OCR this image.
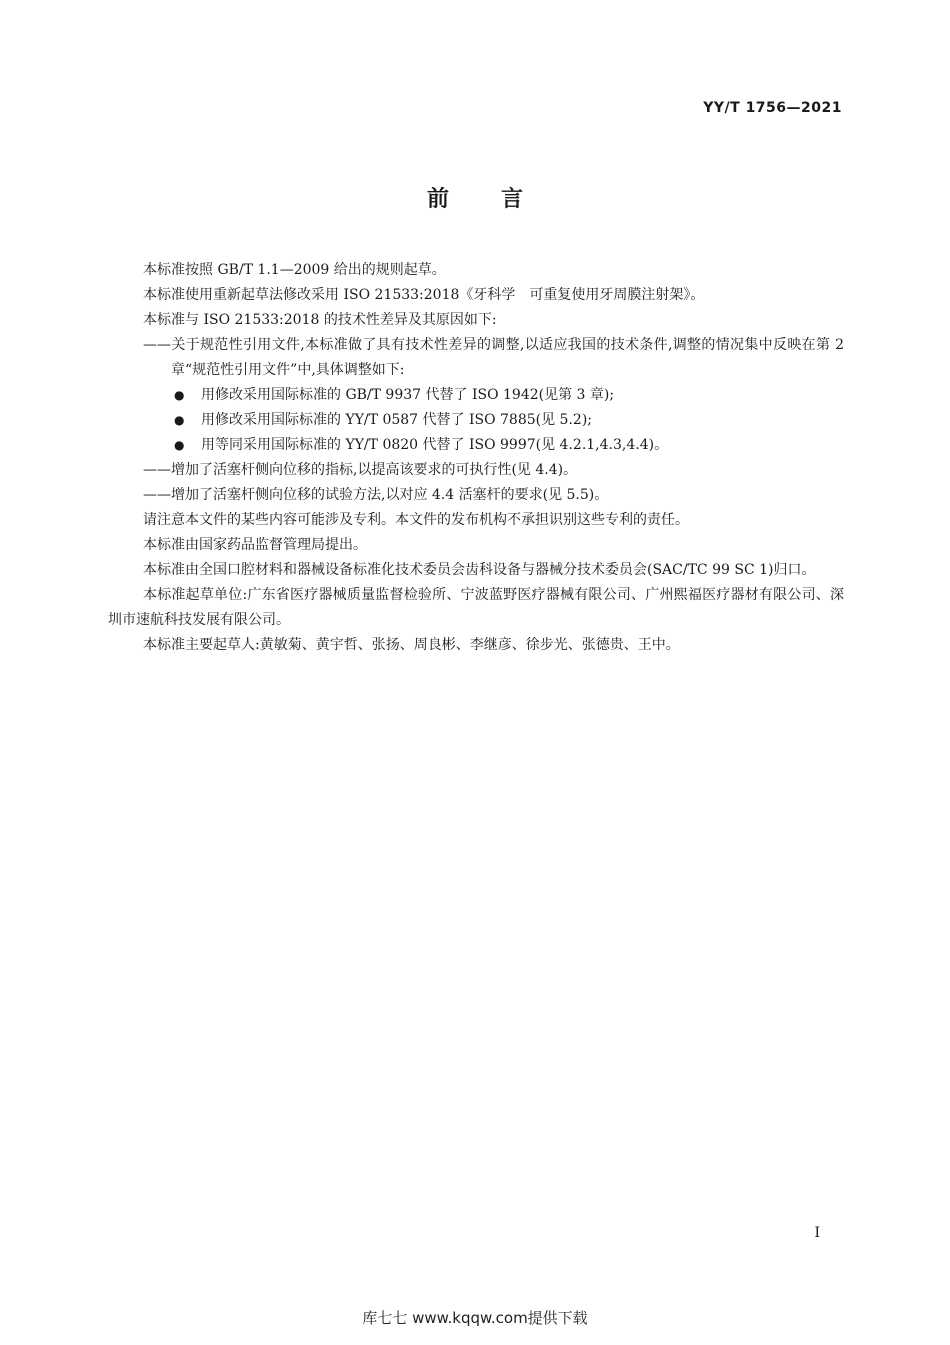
YY/T 1756—2021
前言

本标准按照 GB/T 1.1—2009 给出的规则起草。

本标准使用重新起草法修改采用 ISO 21533:2018《牙科学　可重复使用牙周膜注射架》。

本标准与 ISO 21533:2018 的技术性差异及其原因如下:

——关于规范性引用文件,本标准做了具有技术性差异的调整,以适应我国的技术条件,调整的情况集中反映在第 2 章“规范性引用文件”中,具体调整如下:

● 用修改采用国际标准的 GB/T 9937 代替了 ISO 1942(见第 3 章);

● 用修改采用国际标准的 YY/T 0587 代替了 ISO 7885(见 5.2);

● 用等同采用国际标准的 YY/T 0820 代替了 ISO 9997(见 4.2.1,4.3,4.4)。

——增加了活塞杆侧向位移的指标,以提高该要求的可执行性(见 4.4)。

——增加了活塞杆侧向位移的试验方法,以对应 4.4 活塞杆的要求(见 5.5)。

请注意本文件的某些内容可能涉及专利。本文件的发布机构不承担识别这些专利的责任。

本标准由国家药品监督管理局提出。

本标准由全国口腔材料和器械设备标准化技术委员会齿科设备与器械分技术委员会(SAC/TC 99 SC 1)归口。

本标准起草单位:广东省医疗器械质量监督检验所、宁波蓝野医疗器械有限公司、广州熙福医疗器材有限公司、深圳市速航科技发展有限公司。

本标准主要起草人:黄敏菊、黄宇哲、张扬、周良彬、李继彦、徐步光、张德贵、王中。

I
库七七 www.kqqw.com提供下载
